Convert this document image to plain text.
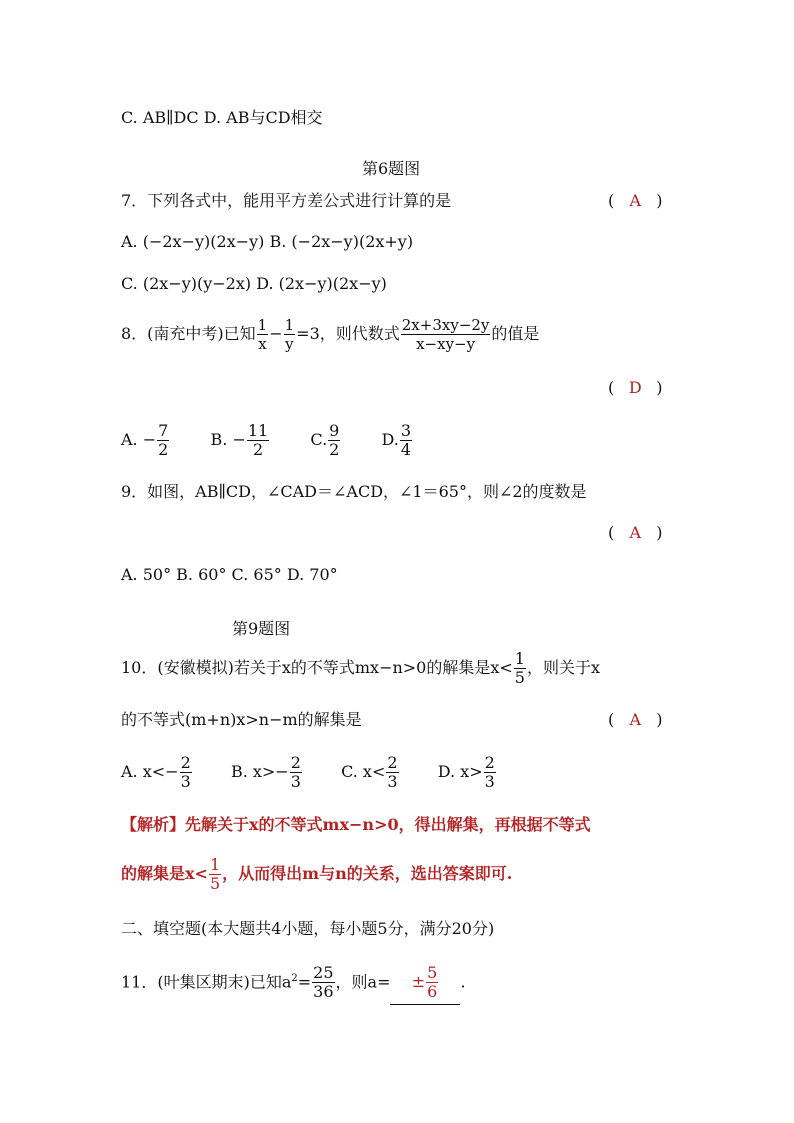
C. AB∥DC D. AB与CD相交
第6题图
7．下列各式中，能用平方差公式进行计算的是	( A )
A. (−2x−y)(2x−y) B. (−2x−y)(2x+y)
C. (2x−y)(y−2x) D. (2x−y)(2x−y)
8．(南充中考)已知 $\frac{1}{x} - \frac{1}{y} =3$，则代数式 $\frac{2x+3xy-2y}{x-xy-y}$ 的值是
( D )
A. − $\frac{7}{2}$	B. − $\frac{11}{2}$	C. $\frac{9}{2}$	D. $\frac{3}{4}$
9．如图，AB∥CD，∠CAD＝∠ACD，∠1＝65°，则∠2的度数是
( A )
A. 50° B. 60° C. 65° D. 70°
第9题图
10．(安徽模拟)若关于x的不等式mx−n>0的解集是$x< \frac{1}{5}$ ，则关于x
的不等式(m+n)x>n−m的解集是	( A )
A. $x<- \frac{2}{3} B$. $x>- \frac{2}{3} C$. $x< \frac{2}{3} D$. $x> \frac{2}{3}$
【解析】先解关于x的不等式mx−n>0，得出解集，再根据不等式
的解集是$x< \frac{1}{5}$ ，从而得出m与n的关系，选出答案即可.
二、填空题(本大题共4小题，每小题5分，满分20分)
11．(叶集区期末)已知$a^2= \frac{25}{36}$ ，则$a= \pm \frac{5}{6}$ .
